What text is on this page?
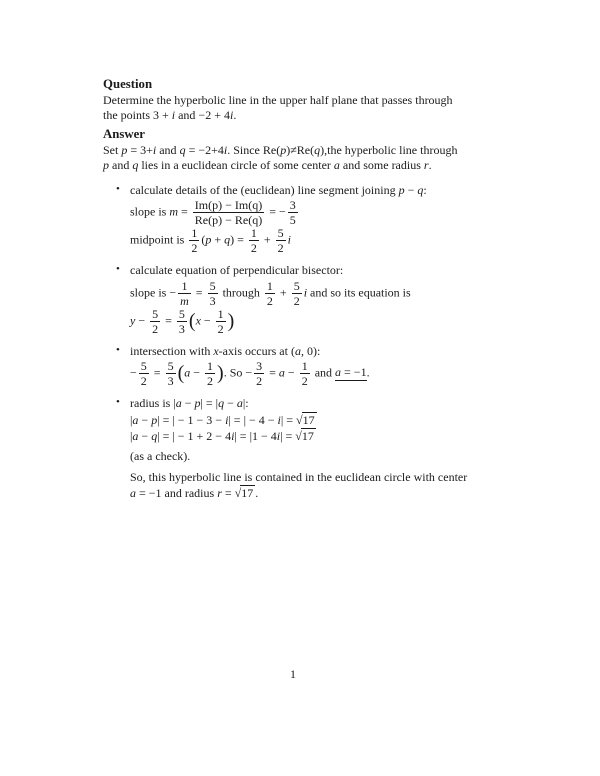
Question
Determine the hyperbolic line in the upper half plane that passes through
the points 3 + i and −2 + 4i.
Answer
Set p = 3+i and q = −2+4i. Since Re(p)≠Re(q),the hyperbolic line through
p and q lies in a euclidean circle of some center a and some radius r.
• calculate details of the (euclidean) line segment joining p − q:
slope is $m = \frac{Im(p) - Im(q)}{Re(p) - Re(q)}$ = − $\frac{3}{5}$
midpoint is $\frac{1}{2} (p + q) = \frac{1}{2} + \frac{5}{2}$ i
• calculate equation of perpendicular bisector:
slope is − $\frac{1}{m} = \frac{5}{3}$ through $\frac{1}{2} + \frac{5}{2}$ i and so its equation is
$y - \frac{5}{2} = \frac{5}{3} (x - \frac{1}{2}$ )
• intersection with x-axis occurs at (a, 0):
− $\frac{5}{2} = \frac{5}{3} (a - \frac{1}{2}$ ). $So - \frac{3}{2} = a - \frac{1}{2}$ and a = −1.
• radius is |a − p| = |q − a|:
|a − p| = | − 1 − 3 − i| = | − 4 − i| = √17
|a − q| = | − 1 + 2 − 4i| = |1 − 4i| = √17
(as a check).
So, this hyperbolic line is contained in the euclidean circle with center
a = −1 and radius r = √17 .
1
